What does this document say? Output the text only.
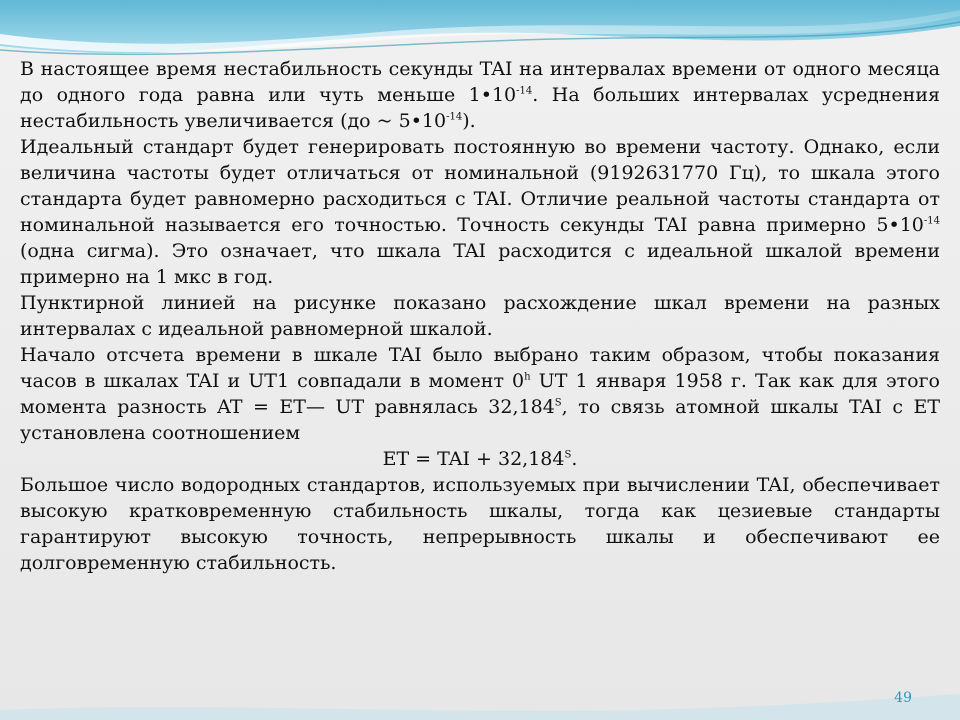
В настоящее время нестабильность секунды TAI на интервалах времени от одного месяца до одного года равна или чуть меньше $1•10^{-14}$. На больших интервалах усреднения нестабильность увеличивается (до ~ $5•10^{-14}$).

Идеальный стандарт будет генерировать постоянную во времени частоту. Однако, если величина частоты будет отличаться от номинальной (9192631770 Гц), то шкала этого стандарта будет равномерно расходиться с TAI. Отличие реальной частоты стандарта от номинальной называется его точностью. Точность секунды TAI равна примерно $5•10^{-14}$ (одна сигма). Это означает, что шкала TAI расходится с идеальной шкалой времени примерно на 1 мкс в год.

Пунктирной линией на рисунке показано расхождение шкал времени на разных интервалах с идеальной равномерной шкалой.

Начало отсчета времени в шкале TAI было выбрано таким образом, чтобы показания часов в шкалах TAI и UT1 совпадали в момент 0$^h$ UT 1 января 1958 г. Так как для этого момента разность AT = ET— UT равнялась $32,184^S$, то связь атомной шкалы TAI с ET установлена соотношением

ET = TAI + $32,184^S$.

Большое число водородных стандартов, используемых при вычислении TAI, обеспечивает высокую кратковременную стабильность шкалы, тогда как цезиевые стандарты гарантируют высокую точность, непрерывность шкалы и обеспечивают ее долговременную стабильность.

49
